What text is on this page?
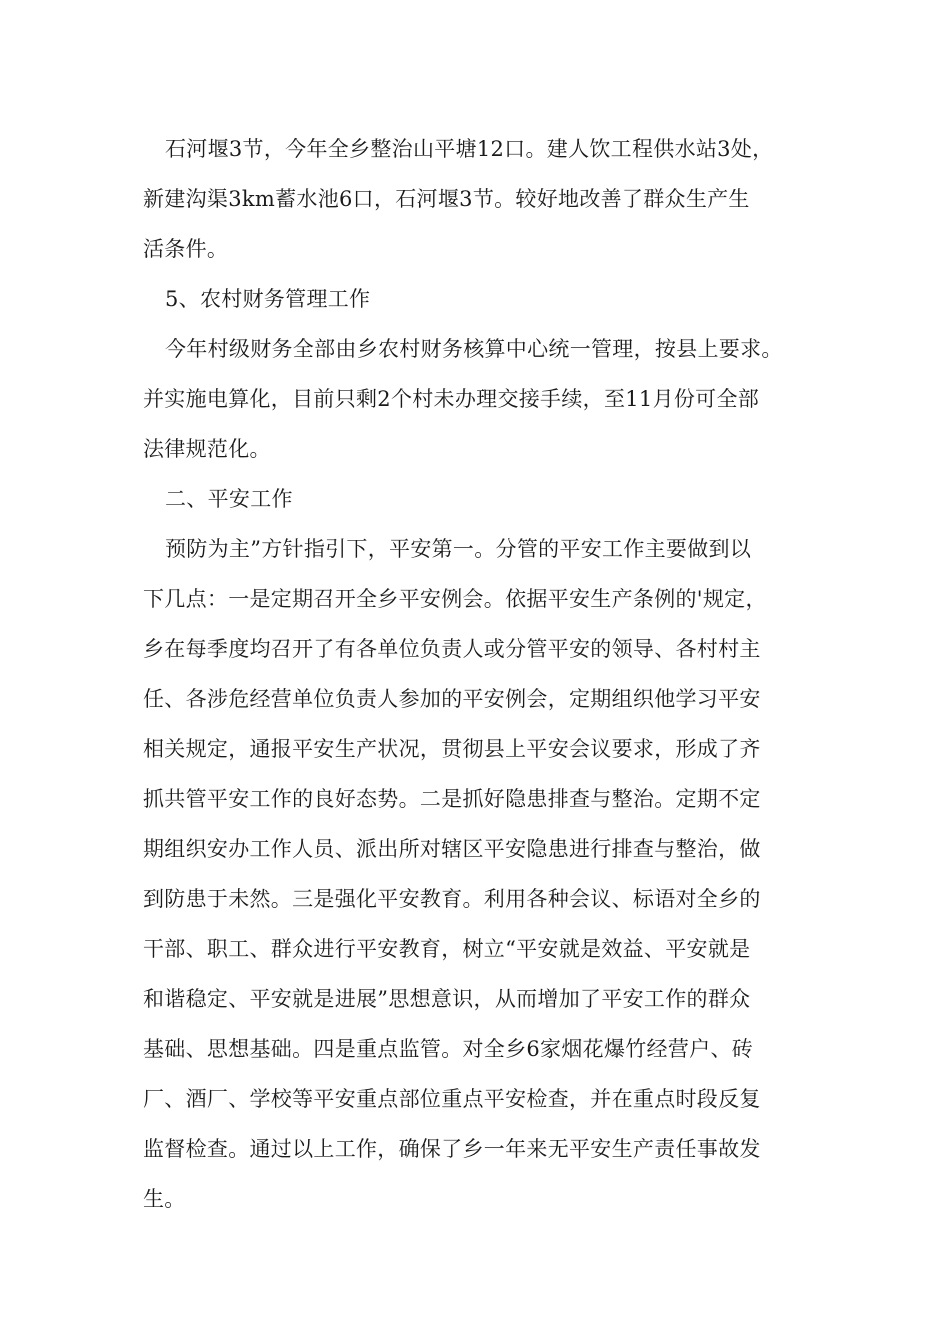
石河堰3节，今年全乡整治山平塘12口。建人饮工程供水站3处，
新建沟渠3km蓄水池6口，石河堰3节。较好地改善了群众生产生
活条件。
5、农村财务管理工作
今年村级财务全部由乡农村财务核算中心统一管理，按县上要求。
并实施电算化，目前只剩2个村未办理交接手续，至11月份可全部
法律规范化。
二、平安工作
预防为主”方针指引下，平安第一。分管的平安工作主要做到以
下几点：一是定期召开全乡平安例会。依据平安生产条例的'规定，
乡在每季度均召开了有各单位负责人或分管平安的领导、各村村主
任、各涉危经营单位负责人参加的平安例会，定期组织他学习平安
相关规定，通报平安生产状况，贯彻县上平安会议要求，形成了齐
抓共管平安工作的良好态势。二是抓好隐患排查与整治。定期不定
期组织安办工作人员、派出所对辖区平安隐患进行排查与整治，做
到防患于未然。三是强化平安教育。利用各种会议、标语对全乡的
干部、职工、群众进行平安教育，树立“平安就是效益、平安就是
和谐稳定、平安就是进展”思想意识，从而增加了平安工作的群众
基础、思想基础。四是重点监管。对全乡6家烟花爆竹经营户、砖
厂、酒厂、学校等平安重点部位重点平安检查，并在重点时段反复
监督检查。通过以上工作，确保了乡一年来无平安生产责任事故发
生。
